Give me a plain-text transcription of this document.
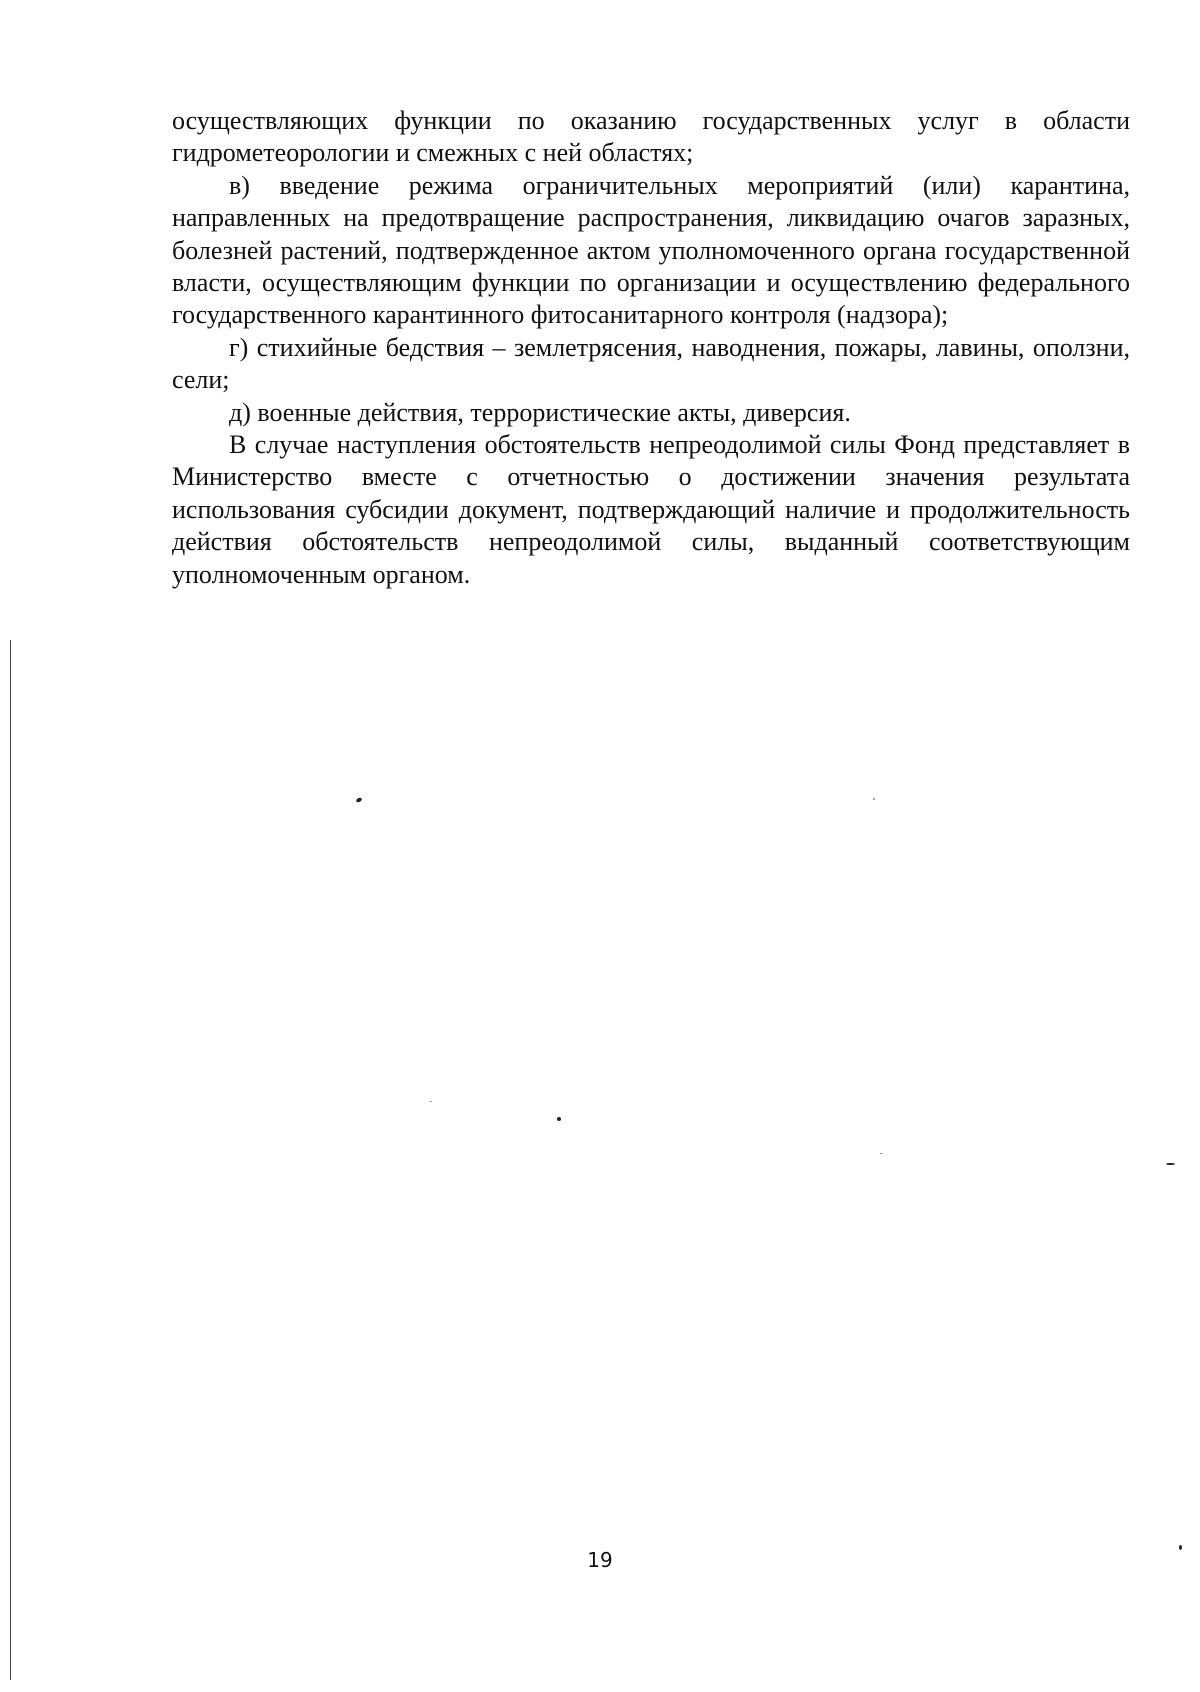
осуществляющих функции по оказанию государственных услуг в области гидрометеорологии и смежных с ней областях;

в) введение режима ограничительных мероприятий (или) карантина, направленных на предотвращение распространения, ликвидацию очагов заразных, болезней растений, подтвержденное актом уполномоченного органа государственной власти, осуществляющим функции по организации и осуществлению федерального государственного карантинного фитосанитарного контроля (надзора);

г) стихийные бедствия – землетрясения, наводнения, пожары, лавины, оползни, сели;

д) военные действия, террористические акты, диверсия.

В случае наступления обстоятельств непреодолимой силы Фонд представляет в Министерство вместе с отчетностью о достижении значения результата использования субсидии документ, подтверждающий наличие и продолжительность действия обстоятельств непреодолимой силы, выданный соответствующим уполномоченным органом.

19
